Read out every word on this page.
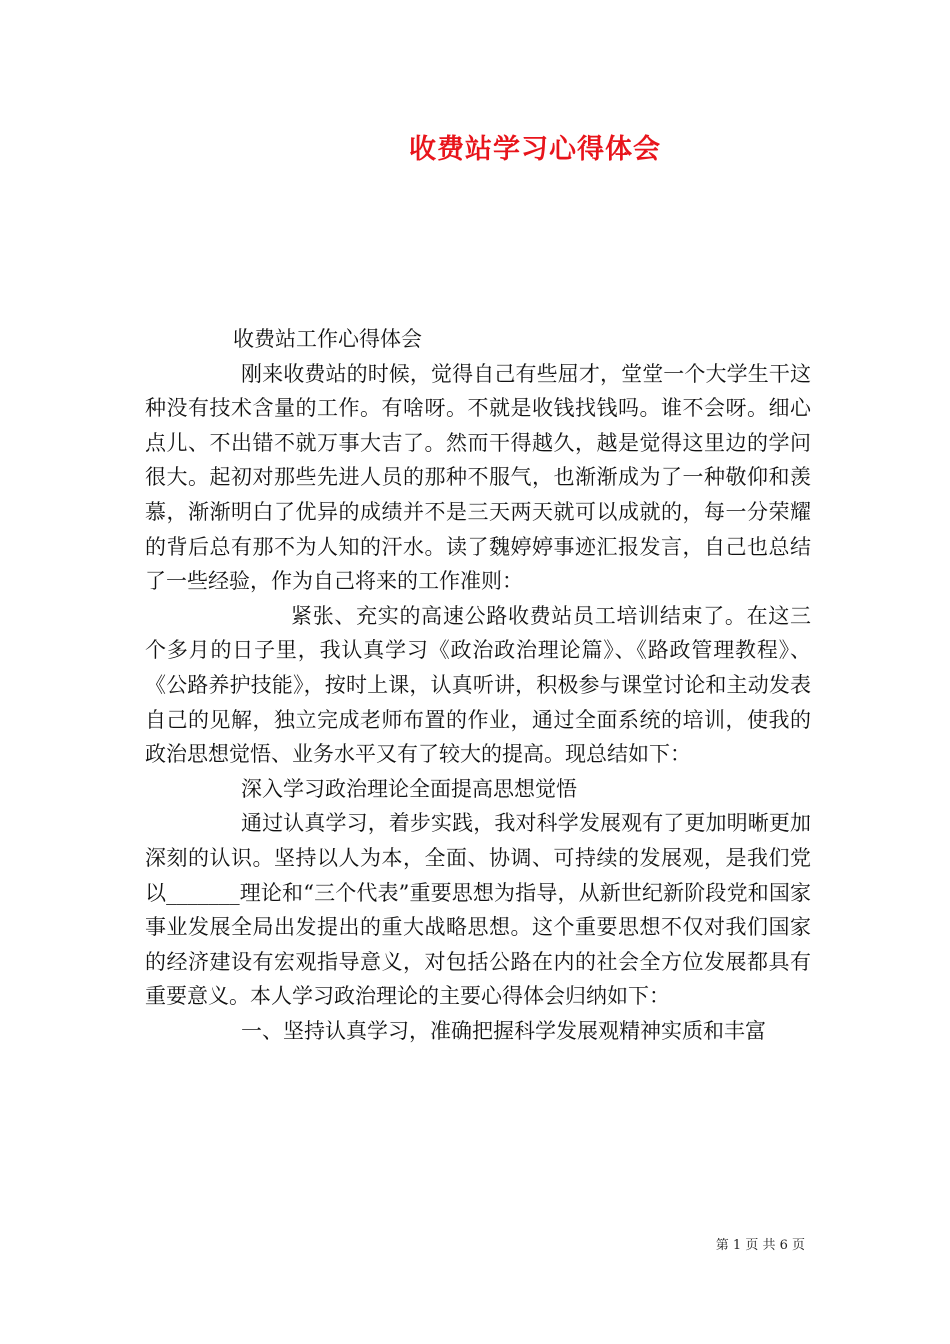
收费站学习心得体会

收费站工作心得体会

刚来收费站的时候，觉得自己有些屈才，堂堂一个大学生干这种没有技术含量的工作。有啥呀。不就是收钱找钱吗。谁不会呀。细心点儿、不出错不就万事大吉了。然而干得越久，越是觉得这里边的学问很大。起初对那些先进人员的那种不服气，也渐渐成为了一种敬仰和羡慕，渐渐明白了优异的成绩并不是三天两天就可以成就的，每一分荣耀的背后总有那不为人知的汗水。读了魏婷婷事迹汇报发言，自己也总结了一些经验，作为自己将来的工作准则：

紧张、充实的高速公路收费站员工培训结束了。在这三个多月的日子里，我认真学习《政治政治理论篇》、《路政管理教程》、《公路养护技能》，按时上课，认真听讲，积极参与课堂讨论和主动发表自己的见解，独立完成老师布置的作业，通过全面系统的培训，使我的政治思想觉悟、业务水平又有了较大的提高。现总结如下：

深入学习政治理论全面提高思想觉悟

通过认真学习，着步实践，我对科学发展观有了更加明晰更加深刻的认识。坚持以人为本，全面、协调、可持续的发展观，是我们党以_______理论和“三个代表”重要思想为指导，从新世纪新阶段党和国家事业发展全局出发提出的重大战略思想。这个重要思想不仅对我们国家的经济建设有宏观指导意义，对包括公路在内的社会全方位发展都具有重要意义。本人学习政治理论的主要心得体会归纳如下：

一、坚持认真学习，准确把握科学发展观精神实质和丰富

第 1 页 共 6 页
